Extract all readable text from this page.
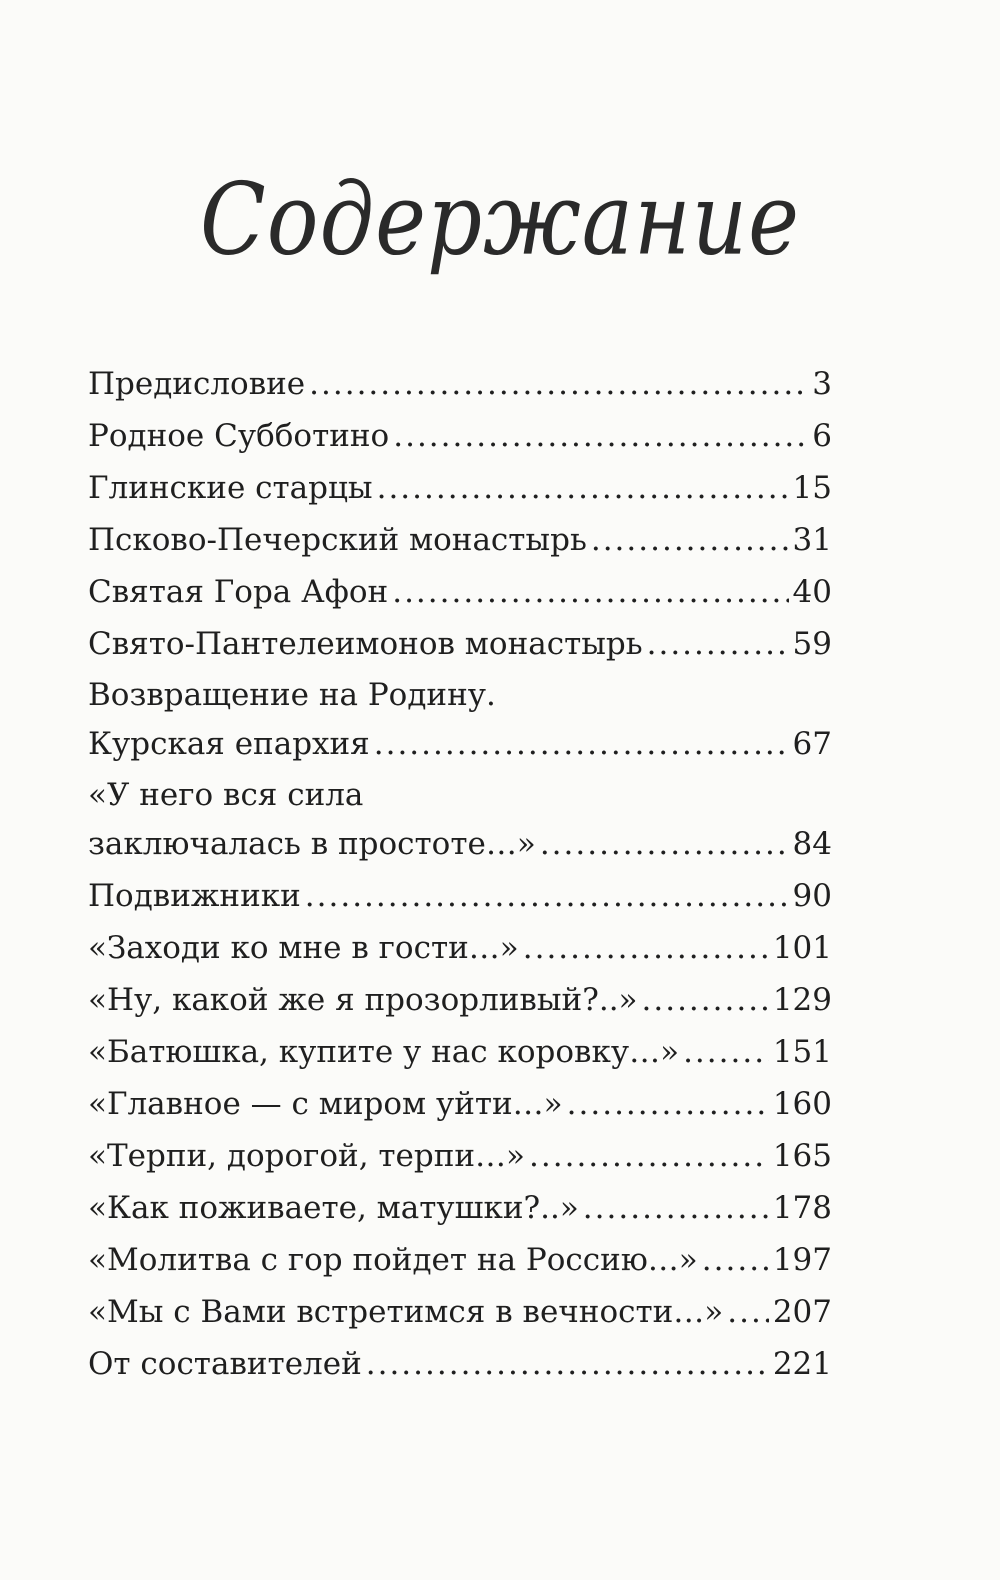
Содержание
Предисловие .....	3
Родное Субботино .....	6
Глинские старцы .....	15
Псково-Печерский монастырь .....	31
Святая Гора Афон .....	40
Свято-Пантелеимонов монастырь .....	59
Возвращение на Родину.
Курская епархия .....	67
«У него вся сила
заключалась в простоте…» .....	84
Подвижники .....	90
«Заходи ко мне в гости…» .....	101
«Ну, какой же я прозорливый?..» .....	129
«Батюшка, купите у нас коровку…» .....	151
«Главное — с миром уйти…» .....	160
«Терпи, дорогой, терпи…» .....	165
«Как поживаете, матушки?..» .....	178
«Молитва с гор пойдет на Россию…» ..... 197
«Мы с Вами встретимся в вечности…» ..... 207
От составителей .....	221
